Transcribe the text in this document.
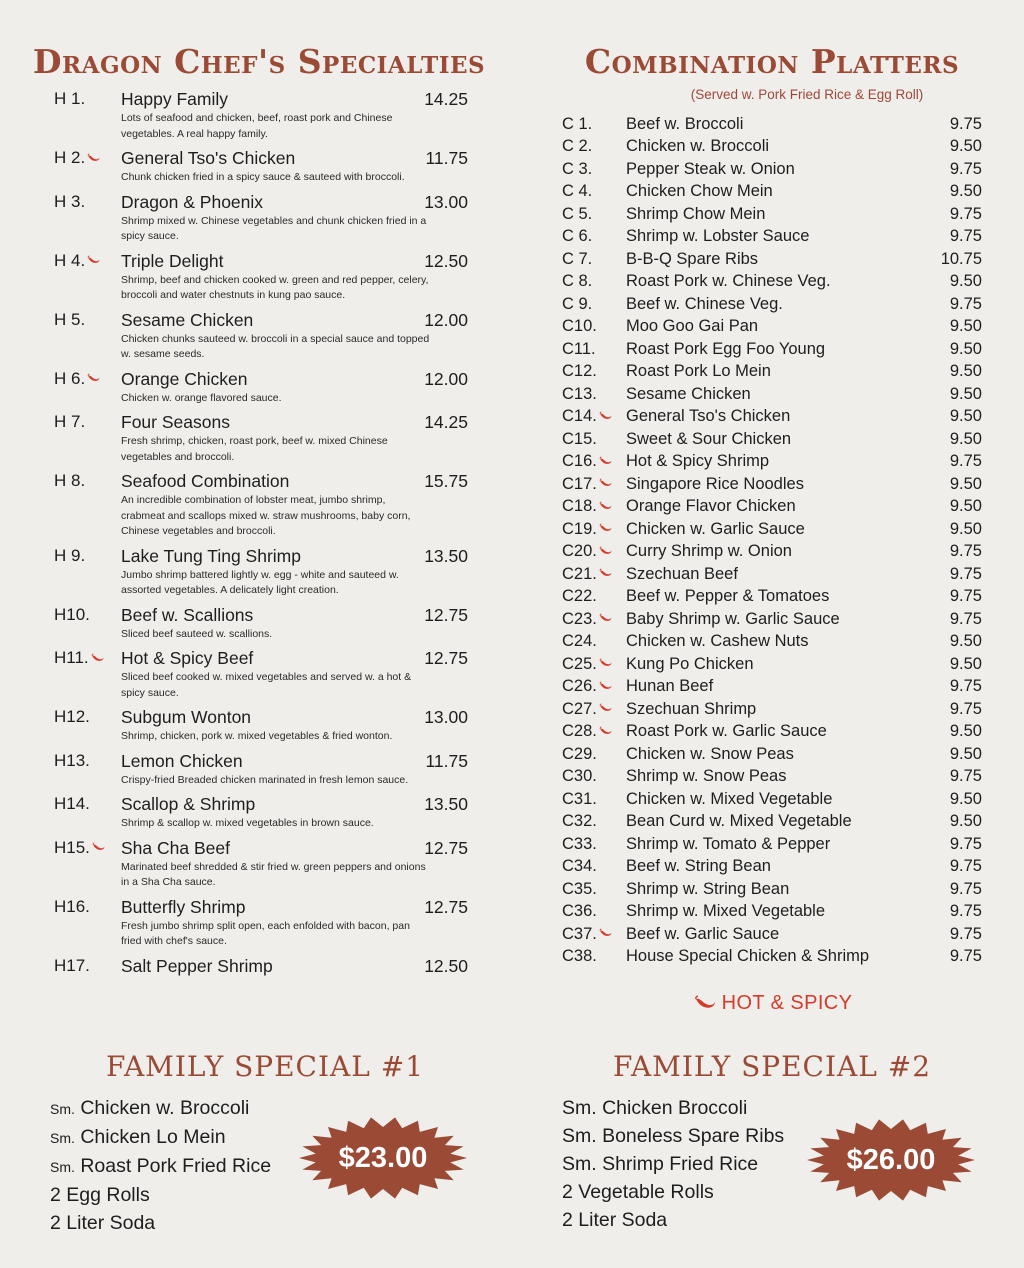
Dragon Chef's Specialties
H 1. Happy Family	14.25
Lots of seafood and chicken, beef, roast pork and Chinese vegetables. A real happy family.
H 2.	General Tso's Chicken	11.75
Chunk chicken fried in a spicy sauce & sauteed with broccoli.
H 3. Dragon & Phoenix	13.00
Shrimp mixed w. Chinese vegetables and chunk chicken fried in a spicy sauce.
H 4.	Triple Delight	12.50
Shrimp, beef and chicken cooked w. green and red pepper, celery, broccoli and water chestnuts in kung pao sauce.
H 5. Sesame Chicken	12.00
Chicken chunks sauteed w. broccoli in a special sauce and topped w. sesame seeds.
H 6.	Orange Chicken	12.00
Chicken w. orange flavored sauce.
H 7. Four Seasons	14.25
Fresh shrimp, chicken, roast pork, beef w. mixed Chinese vegetables and broccoli.
H 8. Seafood Combination	15.75
An incredible combination of lobster meat, jumbo shrimp, crabmeat and scallops mixed w. straw mushrooms, baby corn, Chinese vegetables and broccoli.
H 9. Lake Tung Ting Shrimp	13.50
Jumbo shrimp battered lightly w. egg - white and sauteed w. assorted vegetables. A delicately light creation.
H10. Beef w. Scallions	12.75
Sliced beef sauteed w. scallions.
H11.	Hot & Spicy Beef	12.75
Sliced beef cooked w. mixed vegetables and served w. a hot & spicy sauce.
H12. Subgum Wonton	13.00
Shrimp, chicken, pork w. mixed vegetables & fried wonton.
H13. Lemon Chicken	11.75
Crispy-fried Breaded chicken marinated in fresh lemon sauce.
H14. Scallop & Shrimp	13.50
Shrimp & scallop w. mixed vegetables in brown sauce.
H15.	Sha Cha Beef	12.75
Marinated beef shredded & stir fried w. green peppers and onions in a Sha Cha sauce.
H16. Butterfly Shrimp	12.75
Fresh jumbo shrimp split open, each enfolded with bacon, pan fried with chef's sauce.
H17. Salt Pepper Shrimp	12.50
Combination Platters
(Served w. Pork Fried Rice & Egg Roll)
C 1.	Beef w. Broccoli	9.75
C 2.	Chicken w. Broccoli	9.50
C 3.	Pepper Steak w. Onion	9.75
C 4.	Chicken Chow Mein	9.50
C 5.	Shrimp Chow Mein	9.75
C 6.	Shrimp w. Lobster Sauce	9.75
C 7.	B-B-Q Spare Ribs	10.75
C 8.	Roast Pork w. Chinese Veg.	9.50
C 9.	Beef w. Chinese Veg.	9.75
C10.	Moo Goo Gai Pan	9.50
C11.	Roast Pork Egg Foo Young	9.50
C12.	Roast Pork Lo Mein	9.50
C13.	Sesame Chicken	9.50
C14.	General Tso's Chicken	9.50
C15.	Sweet & Sour Chicken	9.50
C16.	Hot & Spicy Shrimp	9.75
C17.	Singapore Rice Noodles	9.50
C18.	Orange Flavor Chicken	9.50
C19.	Chicken w. Garlic Sauce	9.50
C20.	Curry Shrimp w. Onion	9.75
C21.	Szechuan Beef	9.75
C22.	Beef w. Pepper & Tomatoes	9.75
C23.	Baby Shrimp w. Garlic Sauce	9.75
C24.	Chicken w. Cashew Nuts	9.50
C25.	Kung Po Chicken	9.50
C26.	Hunan Beef	9.75
C27.	Szechuan Shrimp	9.75
C28.	Roast Pork w. Garlic Sauce	9.50
C29.	Chicken w. Snow Peas	9.50
C30.	Shrimp w. Snow Peas	9.75
C31.	Chicken w. Mixed Vegetable	9.50
C32.	Bean Curd w. Mixed Vegetable	9.50
C33.	Shrimp w. Tomato & Pepper	9.75
C34.	Beef w. String Bean	9.75
C35.	Shrimp w. String Bean	9.75
C36.	Shrimp w. Mixed Vegetable	9.75
C37.	Beef w. Garlic Sauce	9.75
C38.	House Special Chicken & Shrimp	9.75
HOT & SPICY
FAMILY SPECIAL #1
Sm. Chicken w. Broccoli
Sm. Chicken Lo Mein
Sm. Roast Pork Fried Rice
2 Egg Rolls
2 Liter Soda
$23.00
FAMILY SPECIAL #2
Sm. Chicken Broccoli
Sm. Boneless Spare Ribs
Sm. Shrimp Fried Rice
2 Vegetable Rolls
2 Liter Soda
$26.00
